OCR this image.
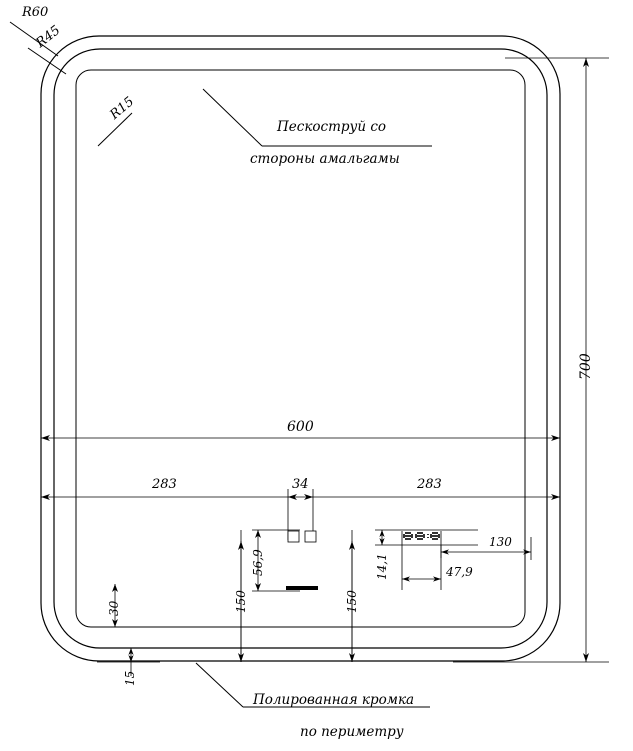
R60
R45
R15
Пескоструй со
стороны амальгамы
Полированная кромка
по периметру
600
700
283	34	283
56,9
150	150
14,1	47,9
130
30
15
